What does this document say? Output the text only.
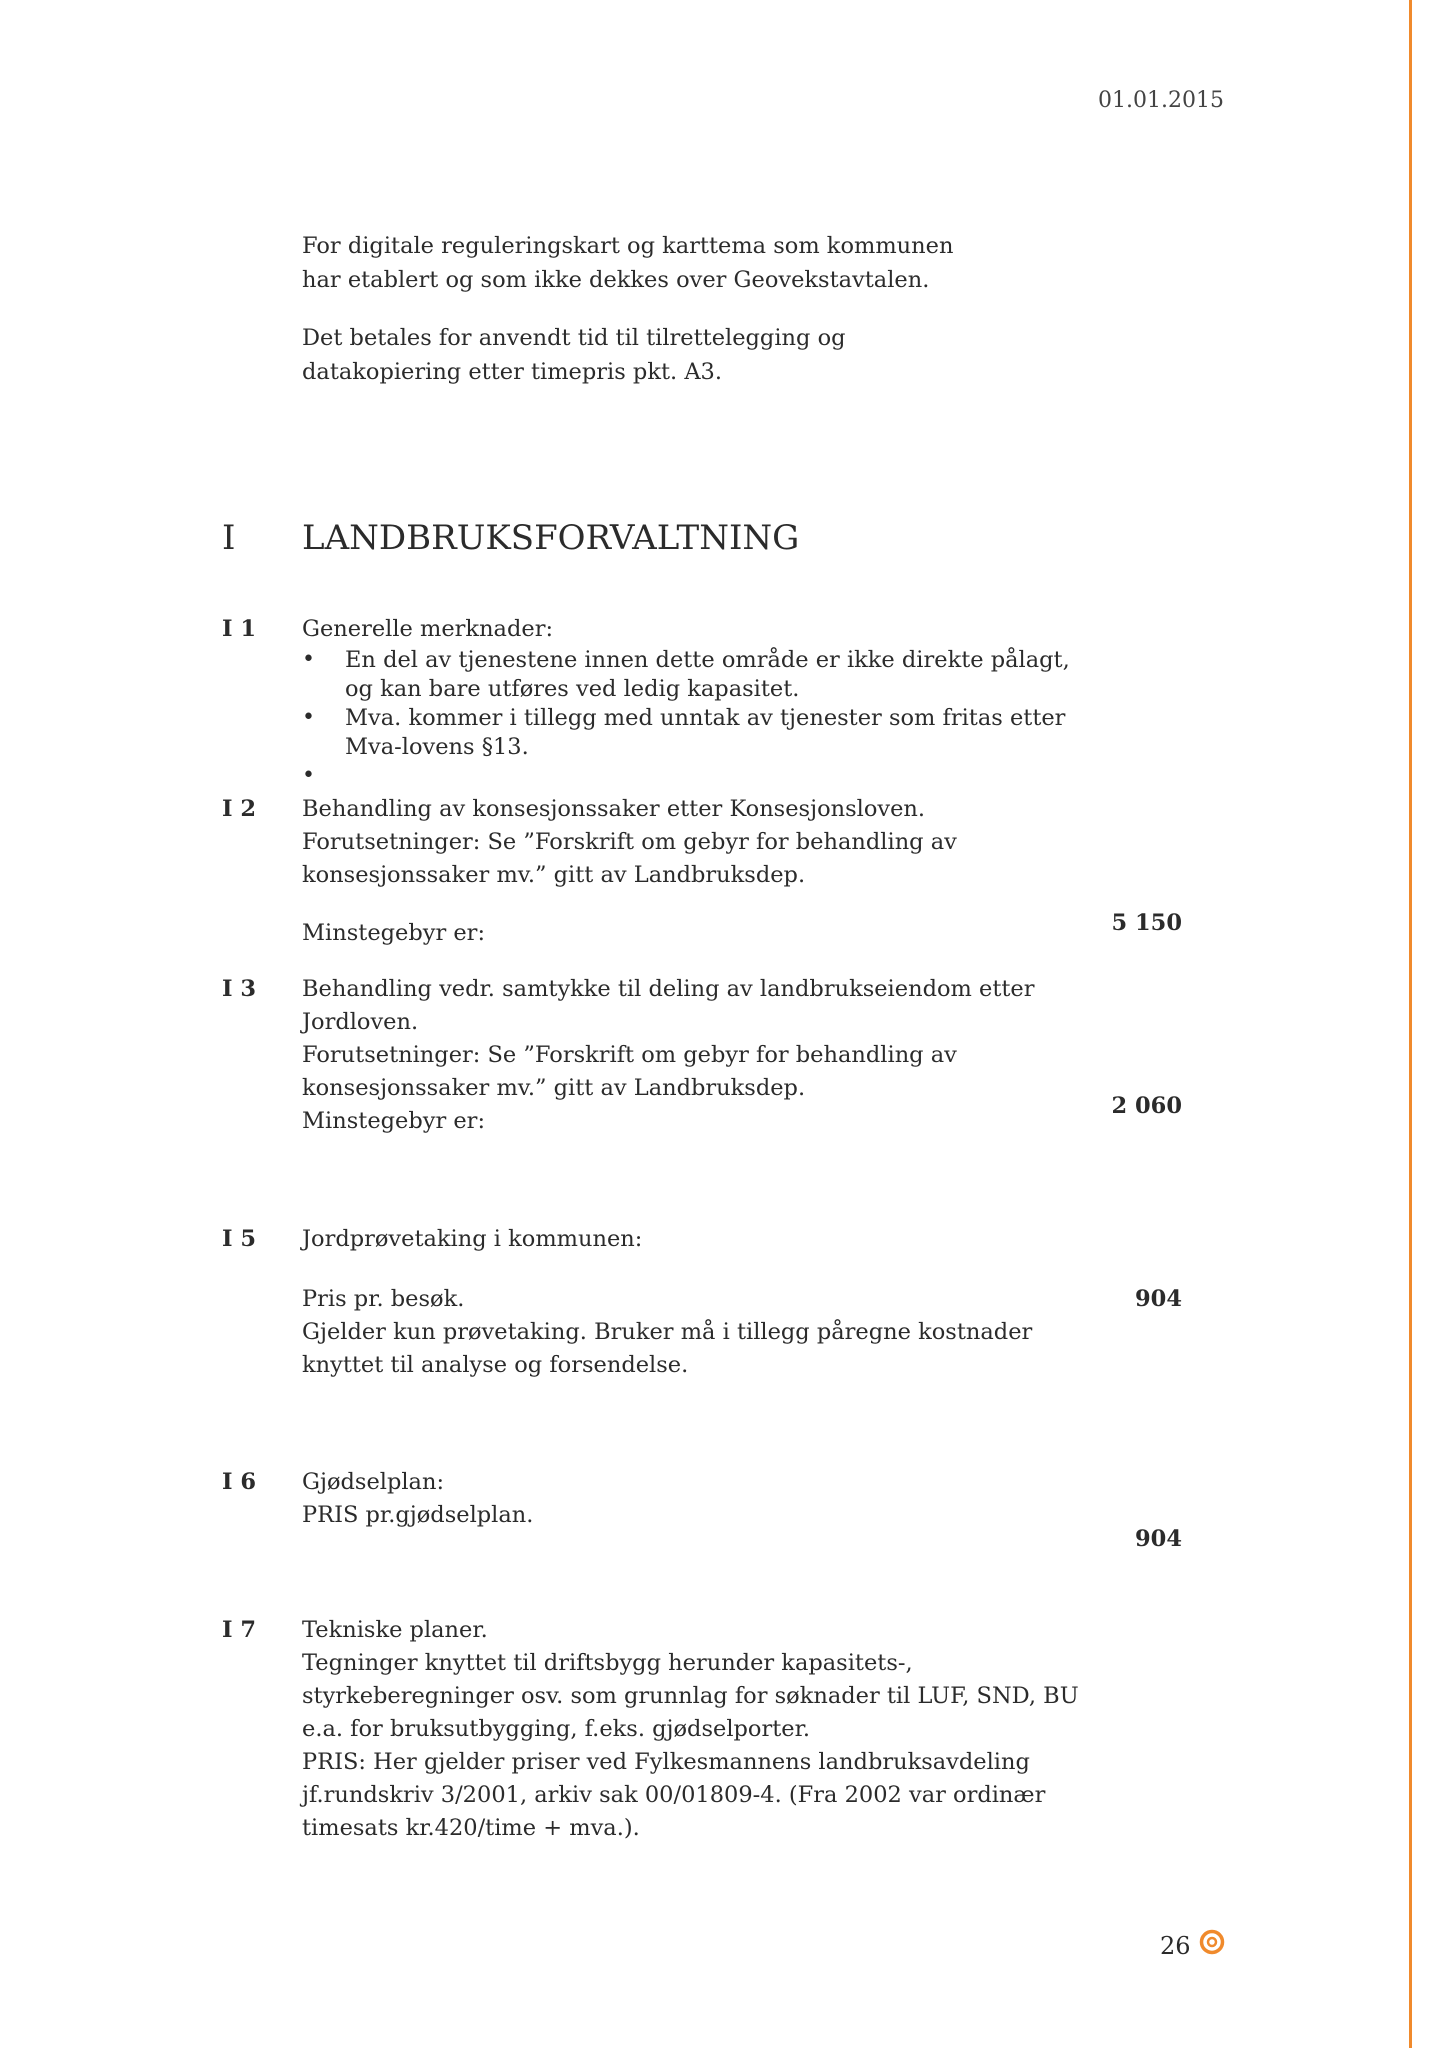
01.01.2015
For digitale reguleringskart og karttema som kommunen
har etablert og som ikke dekkes over Geovekstavtalen.
Det betales for anvendt tid til tilrettelegging og
datakopiering etter timepris pkt. A3.
I LANDBRUKSFORVALTNING
I 1 Generelle merknader:
• En del av tjenestene innen dette område er ikke direkte pålagt,
og kan bare utføres ved ledig kapasitet.
• Mva. kommer i tillegg med unntak av tjenester som fritas etter
Mva-lovens §13.
•
I 2 Behandling av konsesjonssaker etter Konsesjonsloven.
Forutsetninger: Se ”Forskrift om gebyr for behandling av
konsesjonssaker mv.” gitt av Landbruksdep.
Minstegebyr er:	5 150
I 3 Behandling vedr. samtykke til deling av landbrukseiendom etter
Jordloven.
Forutsetninger: Se ”Forskrift om gebyr for behandling av
konsesjonssaker mv.” gitt av Landbruksdep.
Minstegebyr er:
2 060
I 5 Jordprøvetaking i kommunen:
Pris pr. besøk.	904
Gjelder kun prøvetaking. Bruker må i tillegg påregne kostnader
knyttet til analyse og forsendelse.
I 6 Gjødselplan:
PRIS pr.gjødselplan.
904
I 7 Tekniske planer.
Tegninger knyttet til driftsbygg herunder kapasitets-,
styrkeberegninger osv. som grunnlag for søknader til LUF, SND, BU
e.a. for bruksutbygging, f.eks. gjødselporter.
PRIS: Her gjelder priser ved Fylkesmannens landbruksavdeling
jf.rundskriv 3/2001, arkiv sak 00/01809-4. (Fra 2002 var ordinær
timesats kr.420/time + mva.).
26
